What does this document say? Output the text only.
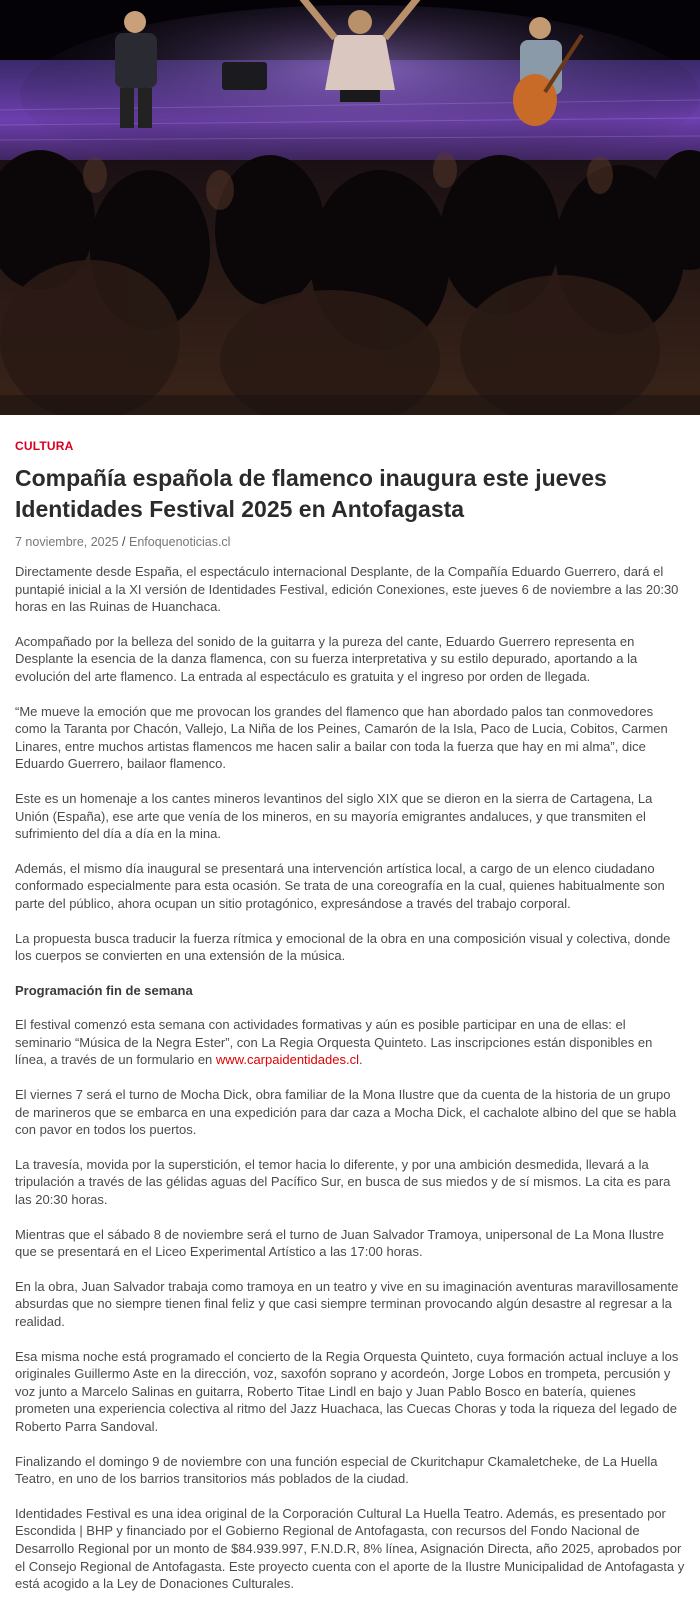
CULTURA
Compañía española de flamenco inaugura este jueves Identidades Festival 2025 en Antofagasta
7 noviembre, 2025 / Enfoquenoticias.cl

Directamente desde España, el espectáculo internacional Desplante, de la Compañía Eduardo Guerrero, dará el puntapié inicial a la XI versión de Identidades Festival, edición Conexiones, este jueves 6 de noviembre a las 20:30 horas en las Ruinas de Huanchaca.

Acompañado por la belleza del sonido de la guitarra y la pureza del cante, Eduardo Guerrero representa en Desplante la esencia de la danza flamenca, con su fuerza interpretativa y su estilo depurado, aportando a la evolución del arte flamenco. La entrada al espectáculo es gratuita y el ingreso por orden de llegada.

“Me mueve la emoción que me provocan los grandes del flamenco que han abordado palos tan conmovedores como la Taranta por Chacón, Vallejo, La Niña de los Peines, Camarón de la Isla, Paco de Lucia, Cobitos, Carmen Linares, entre muchos artistas flamencos me hacen salir a bailar con toda la fuerza que hay en mi alma”, dice Eduardo Guerrero, bailaor flamenco.

Este es un homenaje a los cantes mineros levantinos del siglo XIX que se dieron en la sierra de Cartagena, La Unión (España), ese arte que venía de los mineros, en su mayoría emigrantes andaluces, y que transmiten el sufrimiento del día a día en la mina.

Además, el mismo día inaugural se presentará una intervención artística local, a cargo de un elenco ciudadano conformado especialmente para esta ocasión. Se trata de una coreografía en la cual, quienes habitualmente son parte del público, ahora ocupan un sitio protagónico, expresándose a través del trabajo corporal.

La propuesta busca traducir la fuerza rítmica y emocional de la obra en una composición visual y colectiva, donde los cuerpos se convierten en una extensión de la música.

Programación fin de semana

El festival comenzó esta semana con actividades formativas y aún es posible participar en una de ellas: el seminario “Música de la Negra Ester”, con La Regia Orquesta Quinteto. Las inscripciones están disponibles en línea, a través de un formulario en www.carpaidentidades.cl.

El viernes 7 será el turno de Mocha Dick, obra familiar de la Mona Ilustre que da cuenta de la historia de un grupo de marineros que se embarca en una expedición para dar caza a Mocha Dick, el cachalote albino del que se habla con pavor en todos los puertos.

La travesía, movida por la superstición, el temor hacia lo diferente, y por una ambición desmedida, llevará a la tripulación a través de las gélidas aguas del Pacífico Sur, en busca de sus miedos y de sí mismos. La cita es para las 20:30 horas.

Mientras que el sábado 8 de noviembre será el turno de Juan Salvador Tramoya, unipersonal de La Mona Ilustre que se presentará en el Liceo Experimental Artístico a las 17:00 horas.

En la obra, Juan Salvador trabaja como tramoya en un teatro y vive en su imaginación aventuras maravillosamente absurdas que no siempre tienen final feliz y que casi siempre terminan provocando algún desastre al regresar a la realidad.

Esa misma noche está programado el concierto de la Regia Orquesta Quinteto, cuya formación actual incluye a los originales Guillermo Aste en la dirección, voz, saxofón soprano y acordeón, Jorge Lobos en trompeta, percusión y voz junto a Marcelo Salinas en guitarra, Roberto Titae Lindl en bajo y Juan Pablo Bosco en batería, quienes prometen una experiencia colectiva al ritmo del Jazz Huachaca, las Cuecas Choras y toda la riqueza del legado de Roberto Parra Sandoval.

Finalizando el domingo 9 de noviembre con una función especial de Ckuritchapur Ckamaletcheke, de La Huella Teatro, en uno de los barrios transitorios más poblados de la ciudad.

Identidades Festival es una idea original de la Corporación Cultural La Huella Teatro. Además, es presentado por Escondida | BHP y financiado por el Gobierno Regional de Antofagasta, con recursos del Fondo Nacional de Desarrollo Regional por un monto de $84.939.997, F.N.D.R, 8% línea, Asignación Directa, año 2025, aprobados por el Consejo Regional de Antofagasta. Este proyecto cuenta con el aporte de la Ilustre Municipalidad de Antofagasta y está acogido a la Ley de Donaciones Culturales.
